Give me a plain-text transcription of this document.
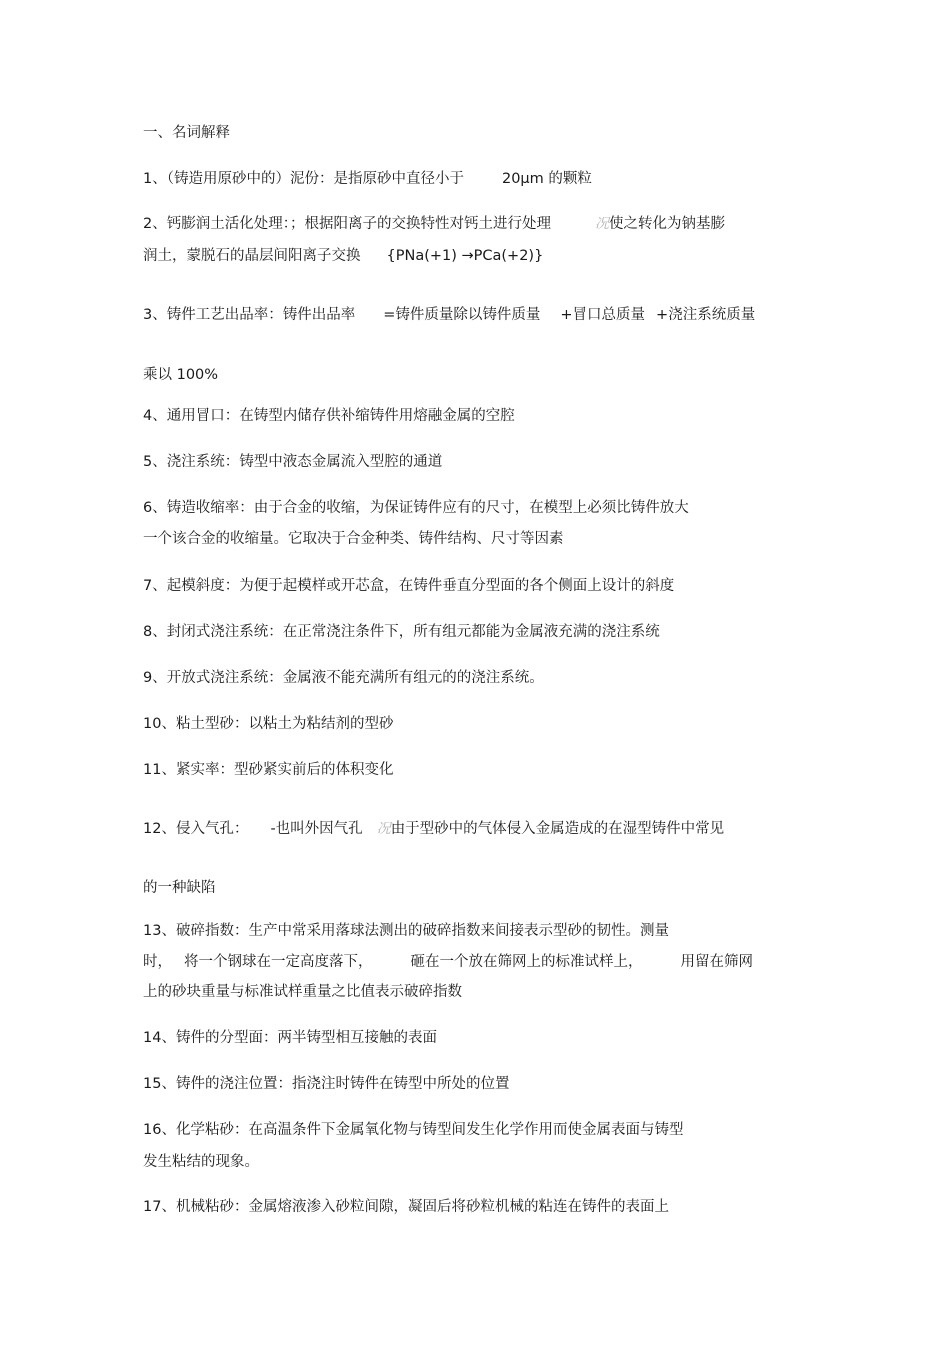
一、名词解释
1、（铸造用原砂中的）泥份：是指原砂中直径小于	20μm 的颗粒
2、钙膨润土活化处理：；根据阳离子的交换特性对钙土进行处理	况使之转化为钠基膨
润土，蒙脱石的晶层间阳离子交换 {PNa(+1) →PCa(+2)}
3、铸件工艺出品率：铸件出品率 =铸件质量除以铸件质量 +冒口总质量 +浇注系统质量
乘以 100%
4、通用冒口：在铸型内储存供补缩铸件用熔融金属的空腔
5、浇注系统：铸型中液态金属流入型腔的通道
6、铸造收缩率：由于合金的收缩，为保证铸件应有的尺寸，在模型上必须比铸件放大
一个该合金的收缩量。它取决于合金种类、铸件结构、尺寸等因素
7、起模斜度：为便于起模样或开芯盒，在铸件垂直分型面的各个侧面上设计的斜度
8、封闭式浇注系统：在正常浇注条件下，所有组元都能为金属液充满的浇注系统
9、开放式浇注系统：金属液不能充满所有组元的的浇注系统。
10、粘土型砂：以粘土为粘结剂的型砂
11、紧实率：型砂紧实前后的体积变化
12、侵入气孔： -也叫外因气孔 况由于型砂中的气体侵入金属造成的在湿型铸件中常见
的一种缺陷
13、破碎指数：生产中常采用落球法测出的破碎指数来间接表示型砂的韧性。测量
时， 将一个钢球在一定高度落下，	砸在一个放在筛网上的标准试样上，	用留在筛网
上的砂块重量与标准试样重量之比值表示破碎指数
14、铸件的分型面：两半铸型相互接触的表面
15、铸件的浇注位置：指浇注时铸件在铸型中所处的位置
16、化学粘砂：在高温条件下金属氧化物与铸型间发生化学作用而使金属表面与铸型
发生粘结的现象。
17、机械粘砂：金属熔液渗入砂粒间隙，凝固后将砂粒机械的粘连在铸件的表面上
